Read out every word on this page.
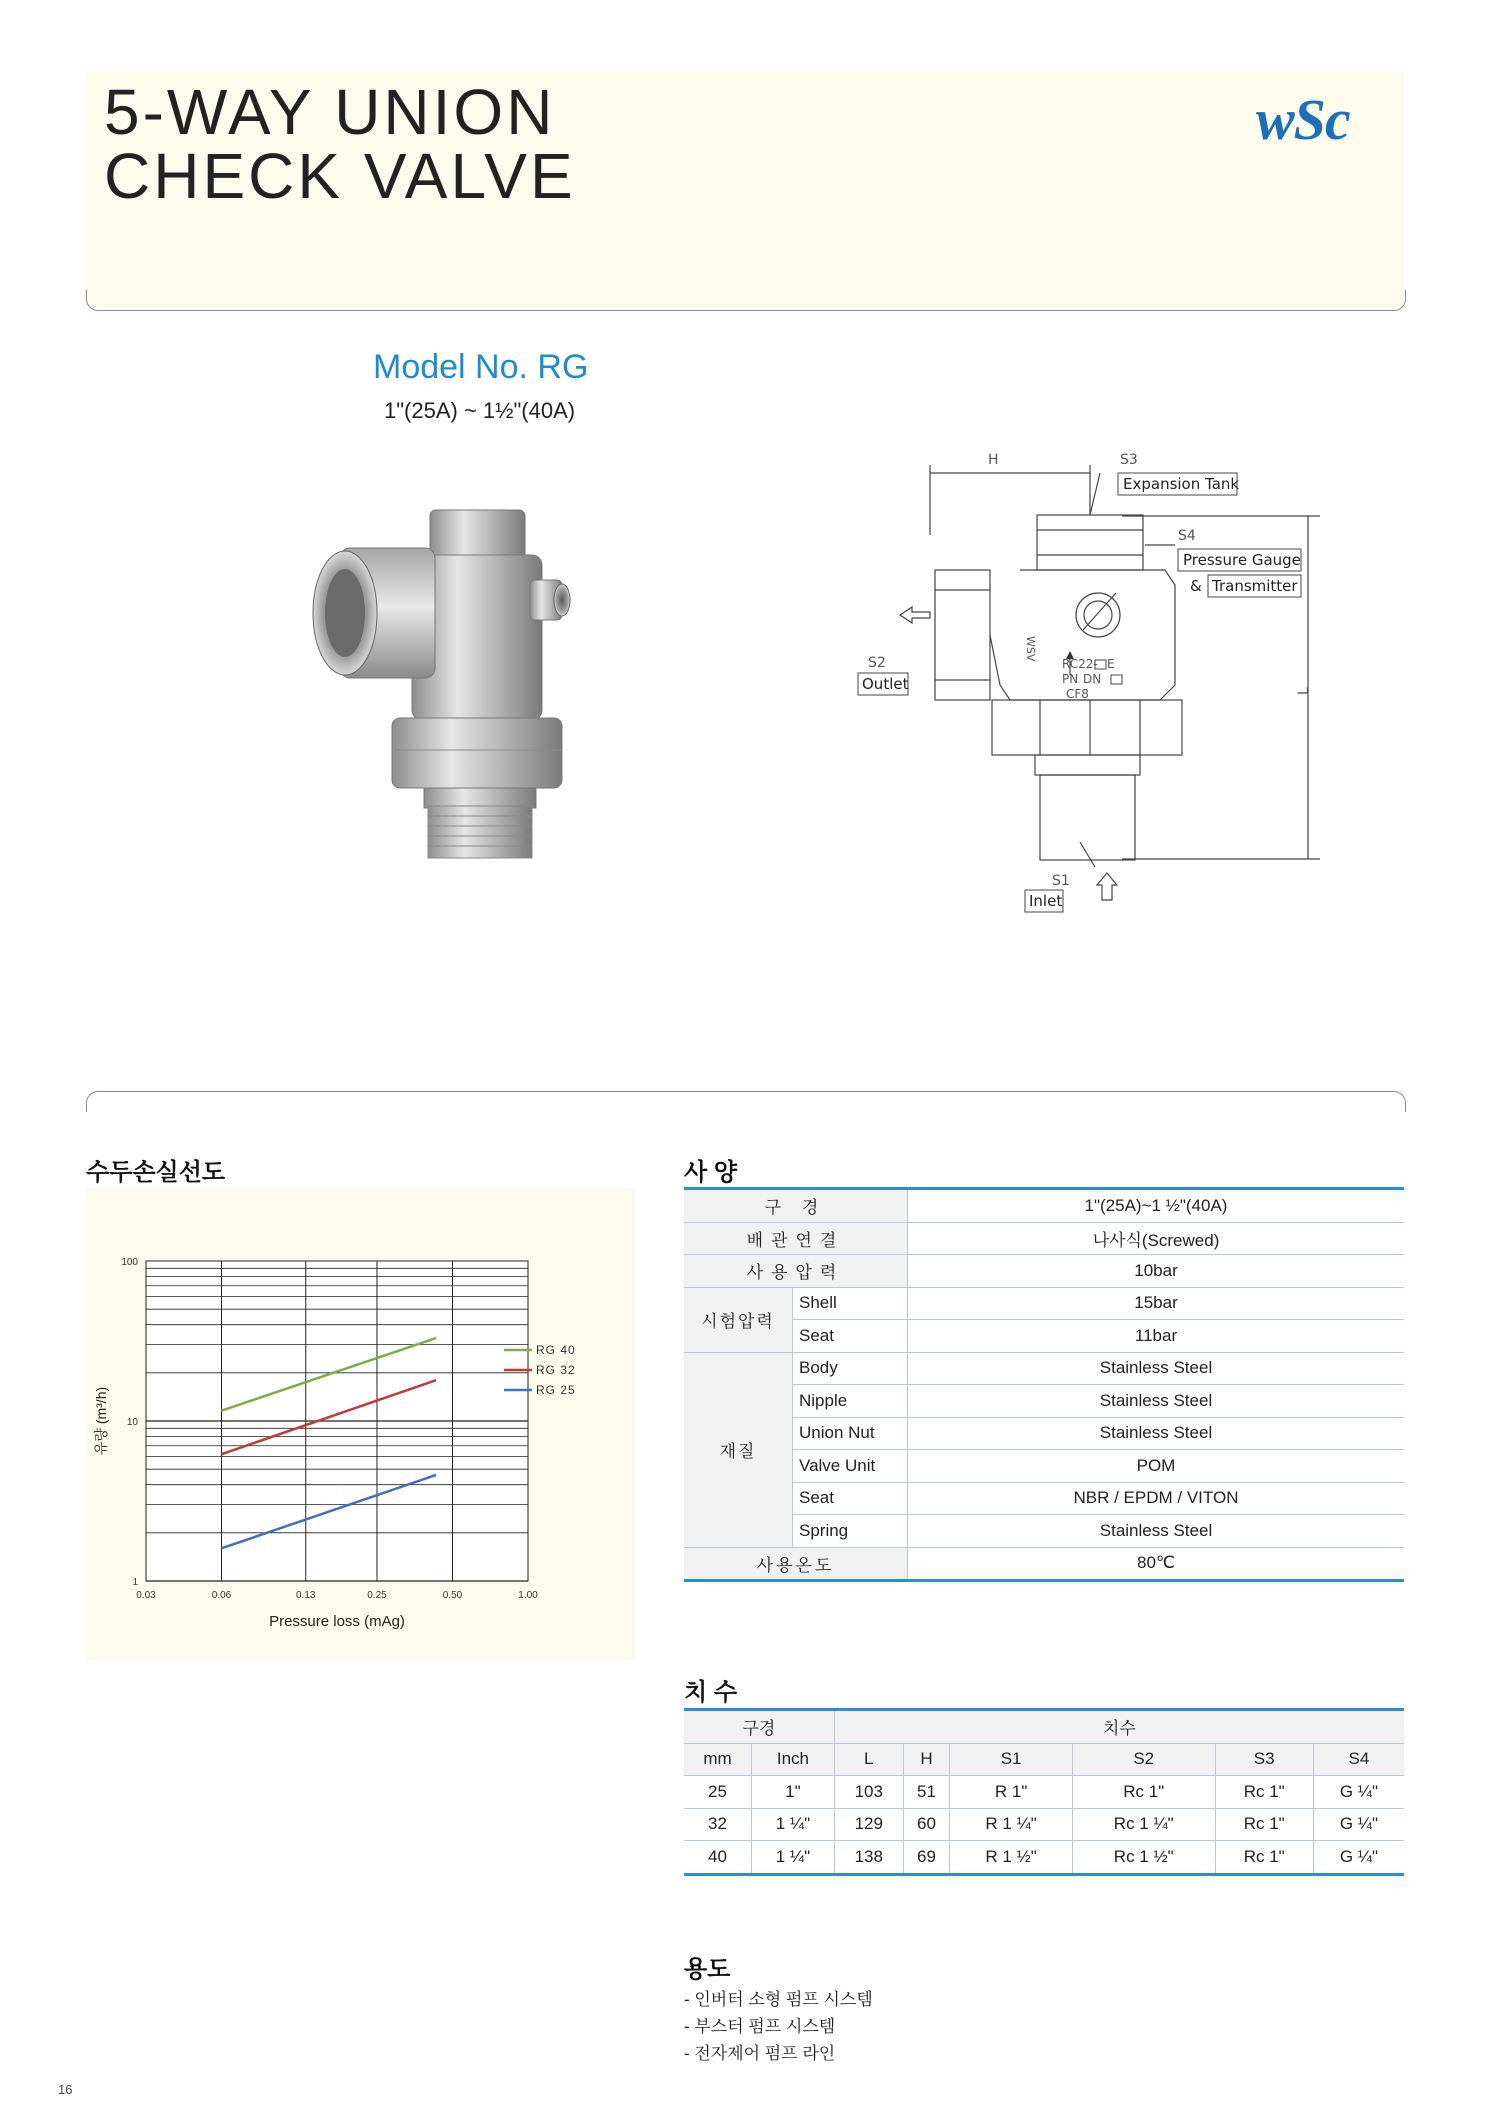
5-WAY UNION
CHECK VALVE
wSc
Model No. RG
1"(25A) ~ 1½"(40A)
H	S3
S4
S2
S1
L
WSV
RC22- E
PN DN
CF8
Expansion Tank
Pressure Gauge
& Transmitter
Outlet
Inlet
수두손실선도
0.03	0.06	0.13	0.25	0.50	1.00
100
10
1
RG 40
RG 32
RG 25
Pressure loss (mAg)
유량 (m³/h)
사 양
구 경		1"(25A)~1 ½"(40A)
배관연결		나사식(Screwed)
사용압력		10bar
시험압력	Shell	15bar
	Seat	11bar
재질	Body	Stainless Steel
	Nipple	Stainless Steel
	Union Nut	Stainless Steel
	Valve Unit	POM
	Seat	NBR / EPDM / VITON
	Spring	Stainless Steel
사용온도		80℃
치 수
구경		치수					
mm	Inch	L	H	S1	S2	S3	S4
25	1"	103	51	R 1"	Rc 1"	Rc 1"	G ¼"
32	1 ¼"	129	60	R 1 ¼"	Rc 1 ¼"	Rc 1"	G ¼"
40	1 ¼"	138	69	R 1 ½"	Rc 1 ½"	Rc 1"	G ¼"
용도
- 인버터 소형 펌프 시스템
- 부스터 펌프 시스템
- 전자제어 펌프 라인
16
